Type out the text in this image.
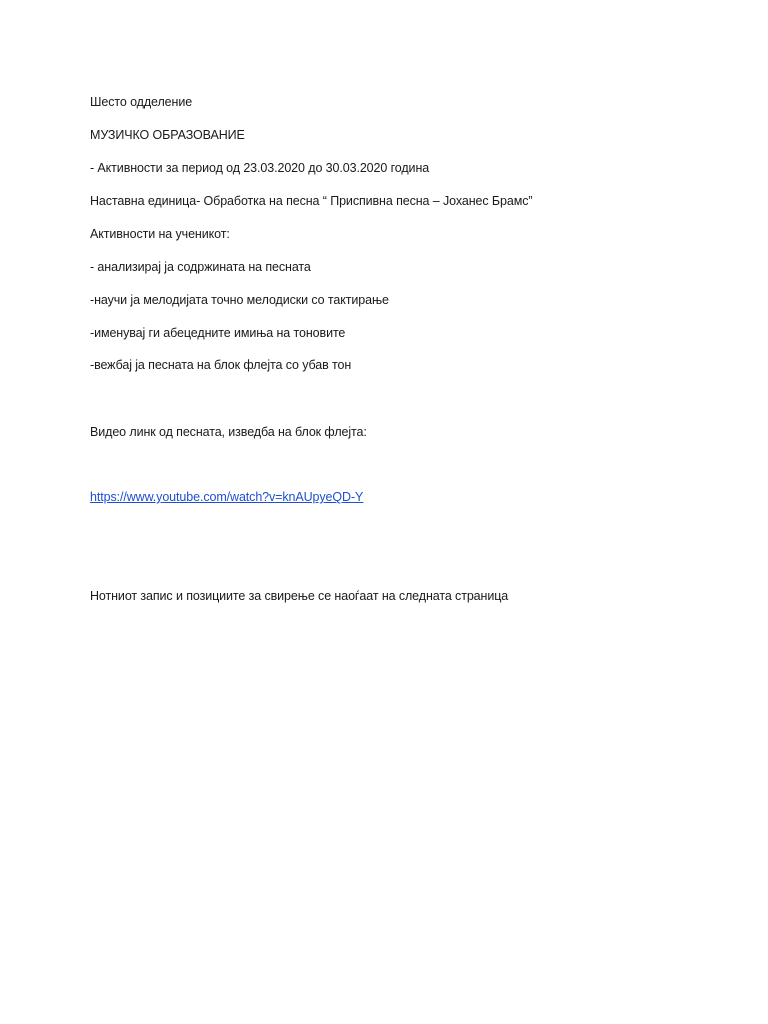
Шесто одделение
МУЗИЧКО ОБРАЗОВАНИЕ
- Активности за период од 23.03.2020 до 30.03.2020 година
Наставна единица- Обработка на песна “ Приспивна песна – Јоханес Брамс”
Активности на ученикот:
- анализирај ја содржината на песната
-научи ја мелодијата точно мелодиски со тактирање
-именувај ги абецедните имиња на тоновите
-вежбај ја песната на блок флејта со убав тон
Видео линк од песната, изведба на блок флејта:
https://www.youtube.com/watch?v=knAUpyeQD-Y
Нотниот запис и позициите за свирење се наоѓаат на следната страница
